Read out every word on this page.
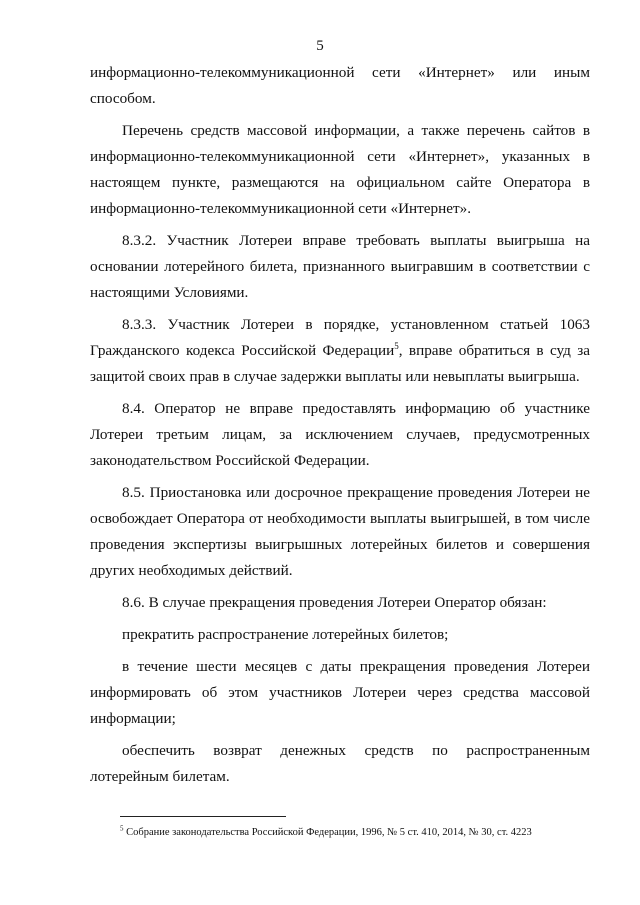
5

информационно-телекоммуникационной сети «Интернет» или иным способом.

Перечень средств массовой информации, а также перечень сайтов в информационно-телекоммуникационной сети «Интернет», указанных в настоящем пункте, размещаются на официальном сайте Оператора в информационно-телекоммуникационной сети «Интернет».

8.3.2. Участник Лотереи вправе требовать выплаты выигрыша на основании лотерейного билета, признанного выигравшим в соответствии с настоящими Условиями.

8.3.3. Участник Лотереи в порядке, установленном статьей 1063 Гражданского кодекса Российской Федерации$^5$, вправе обратиться в суд за защитой своих прав в случае задержки выплаты или невыплаты выигрыша.

8.4. Оператор не вправе предоставлять информацию об участнике Лотереи третьим лицам, за исключением случаев, предусмотренных законодательством Российской Федерации.

8.5. Приостановка или досрочное прекращение проведения Лотереи не освобождает Оператора от необходимости выплаты выигрышей, в том числе проведения экспертизы выигрышных лотерейных билетов и совершения других необходимых действий.

8.6. В случае прекращения проведения Лотереи Оператор обязан:

прекратить распространение лотерейных билетов;

в течение шести месяцев с даты прекращения проведения Лотереи информировать об этом участников Лотереи через средства массовой информации;

обеспечить возврат денежных средств по распространенным лотерейным билетам.

$^5$ Собрание законодательства Российской Федерации, 1996, № 5 ст. 410, 2014, № 30, ст. 4223
